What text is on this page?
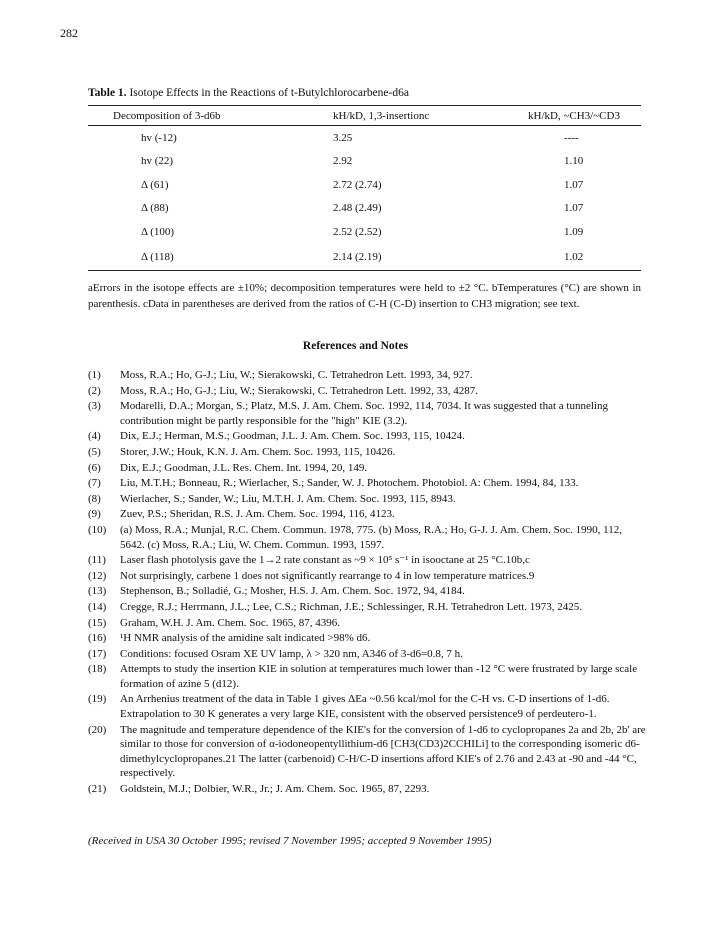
282
Table 1. Isotope Effects in the Reactions of t-Butylchlorocarbene-d6a
Decomposition of 3-d6b	kH/kD, 1,3-insertionc	kH/kD, ~CH3/~CD3
hv (-12)	3.25	----
hv (22)	2.92	1.10
Δ (61)	2.72 (2.74)	1.07
Δ (88)	2.48 (2.49)	1.07
Δ (100)	2.52 (2.52)	1.09
Δ (118)	2.14 (2.19)	1.02
aErrors in the isotope effects are ±10%; decomposition temperatures were held to ±2 °C. bTemperatures (°C) are shown in parenthesis. cData in parentheses are derived from the ratios of C-H (C-D) insertion to CH3 migration; see text.
References and Notes
(1) Moss, R.A.; Ho, G-J.; Liu, W.; Sierakowski, C. Tetrahedron Lett. 1993, 34, 927.
(2) Moss, R.A.; Ho, G-J.; Liu, W.; Sierakowski, C. Tetrahedron Lett. 1992, 33, 4287.
(3) Modarelli, D.A.; Morgan, S.; Platz, M.S. J. Am. Chem. Soc. 1992, 114, 7034. It was suggested that a tunneling contribution might be partly responsible for the "high" KIE (3.2).
(4) Dix, E.J.; Herman, M.S.; Goodman, J.L. J. Am. Chem. Soc. 1993, 115, 10424.
(5) Storer, J.W.; Houk, K.N. J. Am. Chem. Soc. 1993, 115, 10426.
(6) Dix, E.J.; Goodman, J.L. Res. Chem. Int. 1994, 20, 149.
(7) Liu, M.T.H.; Bonneau, R.; Wierlacher, S.; Sander, W. J. Photochem. Photobiol. A: Chem. 1994, 84, 133.
(8) Wierlacher, S.; Sander, W.; Liu, M.T.H. J. Am. Chem. Soc. 1993, 115, 8943.
(9) Zuev, P.S.; Sheridan, R.S. J. Am. Chem. Soc. 1994, 116, 4123.
(10) (a) Moss, R.A.; Munjal, R.C. Chem. Commun. 1978, 775. (b) Moss, R.A.; Ho, G-J. J. Am. Chem. Soc. 1990, 112, 5642. (c) Moss, R.A.; Liu, W. Chem. Commun. 1993, 1597.
(11) Laser flash photolysis gave the 1→2 rate constant as ~9 × 10⁵ s⁻¹ in isooctane at 25 °C.10b,c
(12) Not surprisingly, carbene 1 does not significantly rearrange to 4 in low temperature matrices.9
(13) Stephenson, B.; Solladié, G.; Mosher, H.S. J. Am. Chem. Soc. 1972, 94, 4184.
(14) Cregge, R.J.; Herrmann, J.L.; Lee, C.S.; Richman, J.E.; Schlessinger, R.H. Tetrahedron Lett. 1973, 2425.
(15) Graham, W.H. J. Am. Chem. Soc. 1965, 87, 4396.
(16) ¹H NMR analysis of the amidine salt indicated >98% d6.
(17) Conditions: focused Osram XE UV lamp, λ > 320 nm, A346 of 3-d6=0.8, 7 h.
(18) Attempts to study the insertion KIE in solution at temperatures much lower than -12 °C were frustrated by large scale formation of azine 5 (d12).
(19) An Arrhenius treatment of the data in Table 1 gives ΔEa ~0.56 kcal/mol for the C-H vs. C-D insertions of 1-d6. Extrapolation to 30 K generates a very large KIE, consistent with the observed persistence9 of perdeutero-1.
(20) The magnitude and temperature dependence of the KIE's for the conversion of 1-d6 to cyclopropanes 2a and 2b, 2b' are similar to those for conversion of α-iodoneopentyllithium-d6 [CH3(CD3)2CCHILi] to the corresponding isomeric d6-dimethylcyclopropanes.21 The latter (carbenoid) C-H/C-D insertions afford KIE's of 2.76 and 2.43 at -90 and -44 °C, respectively.
(21) Goldstein, M.J.; Dolbier, W.R., Jr.; J. Am. Chem. Soc. 1965, 87, 2293.
(Received in USA 30 October 1995; revised 7 November 1995; accepted 9 November 1995)
